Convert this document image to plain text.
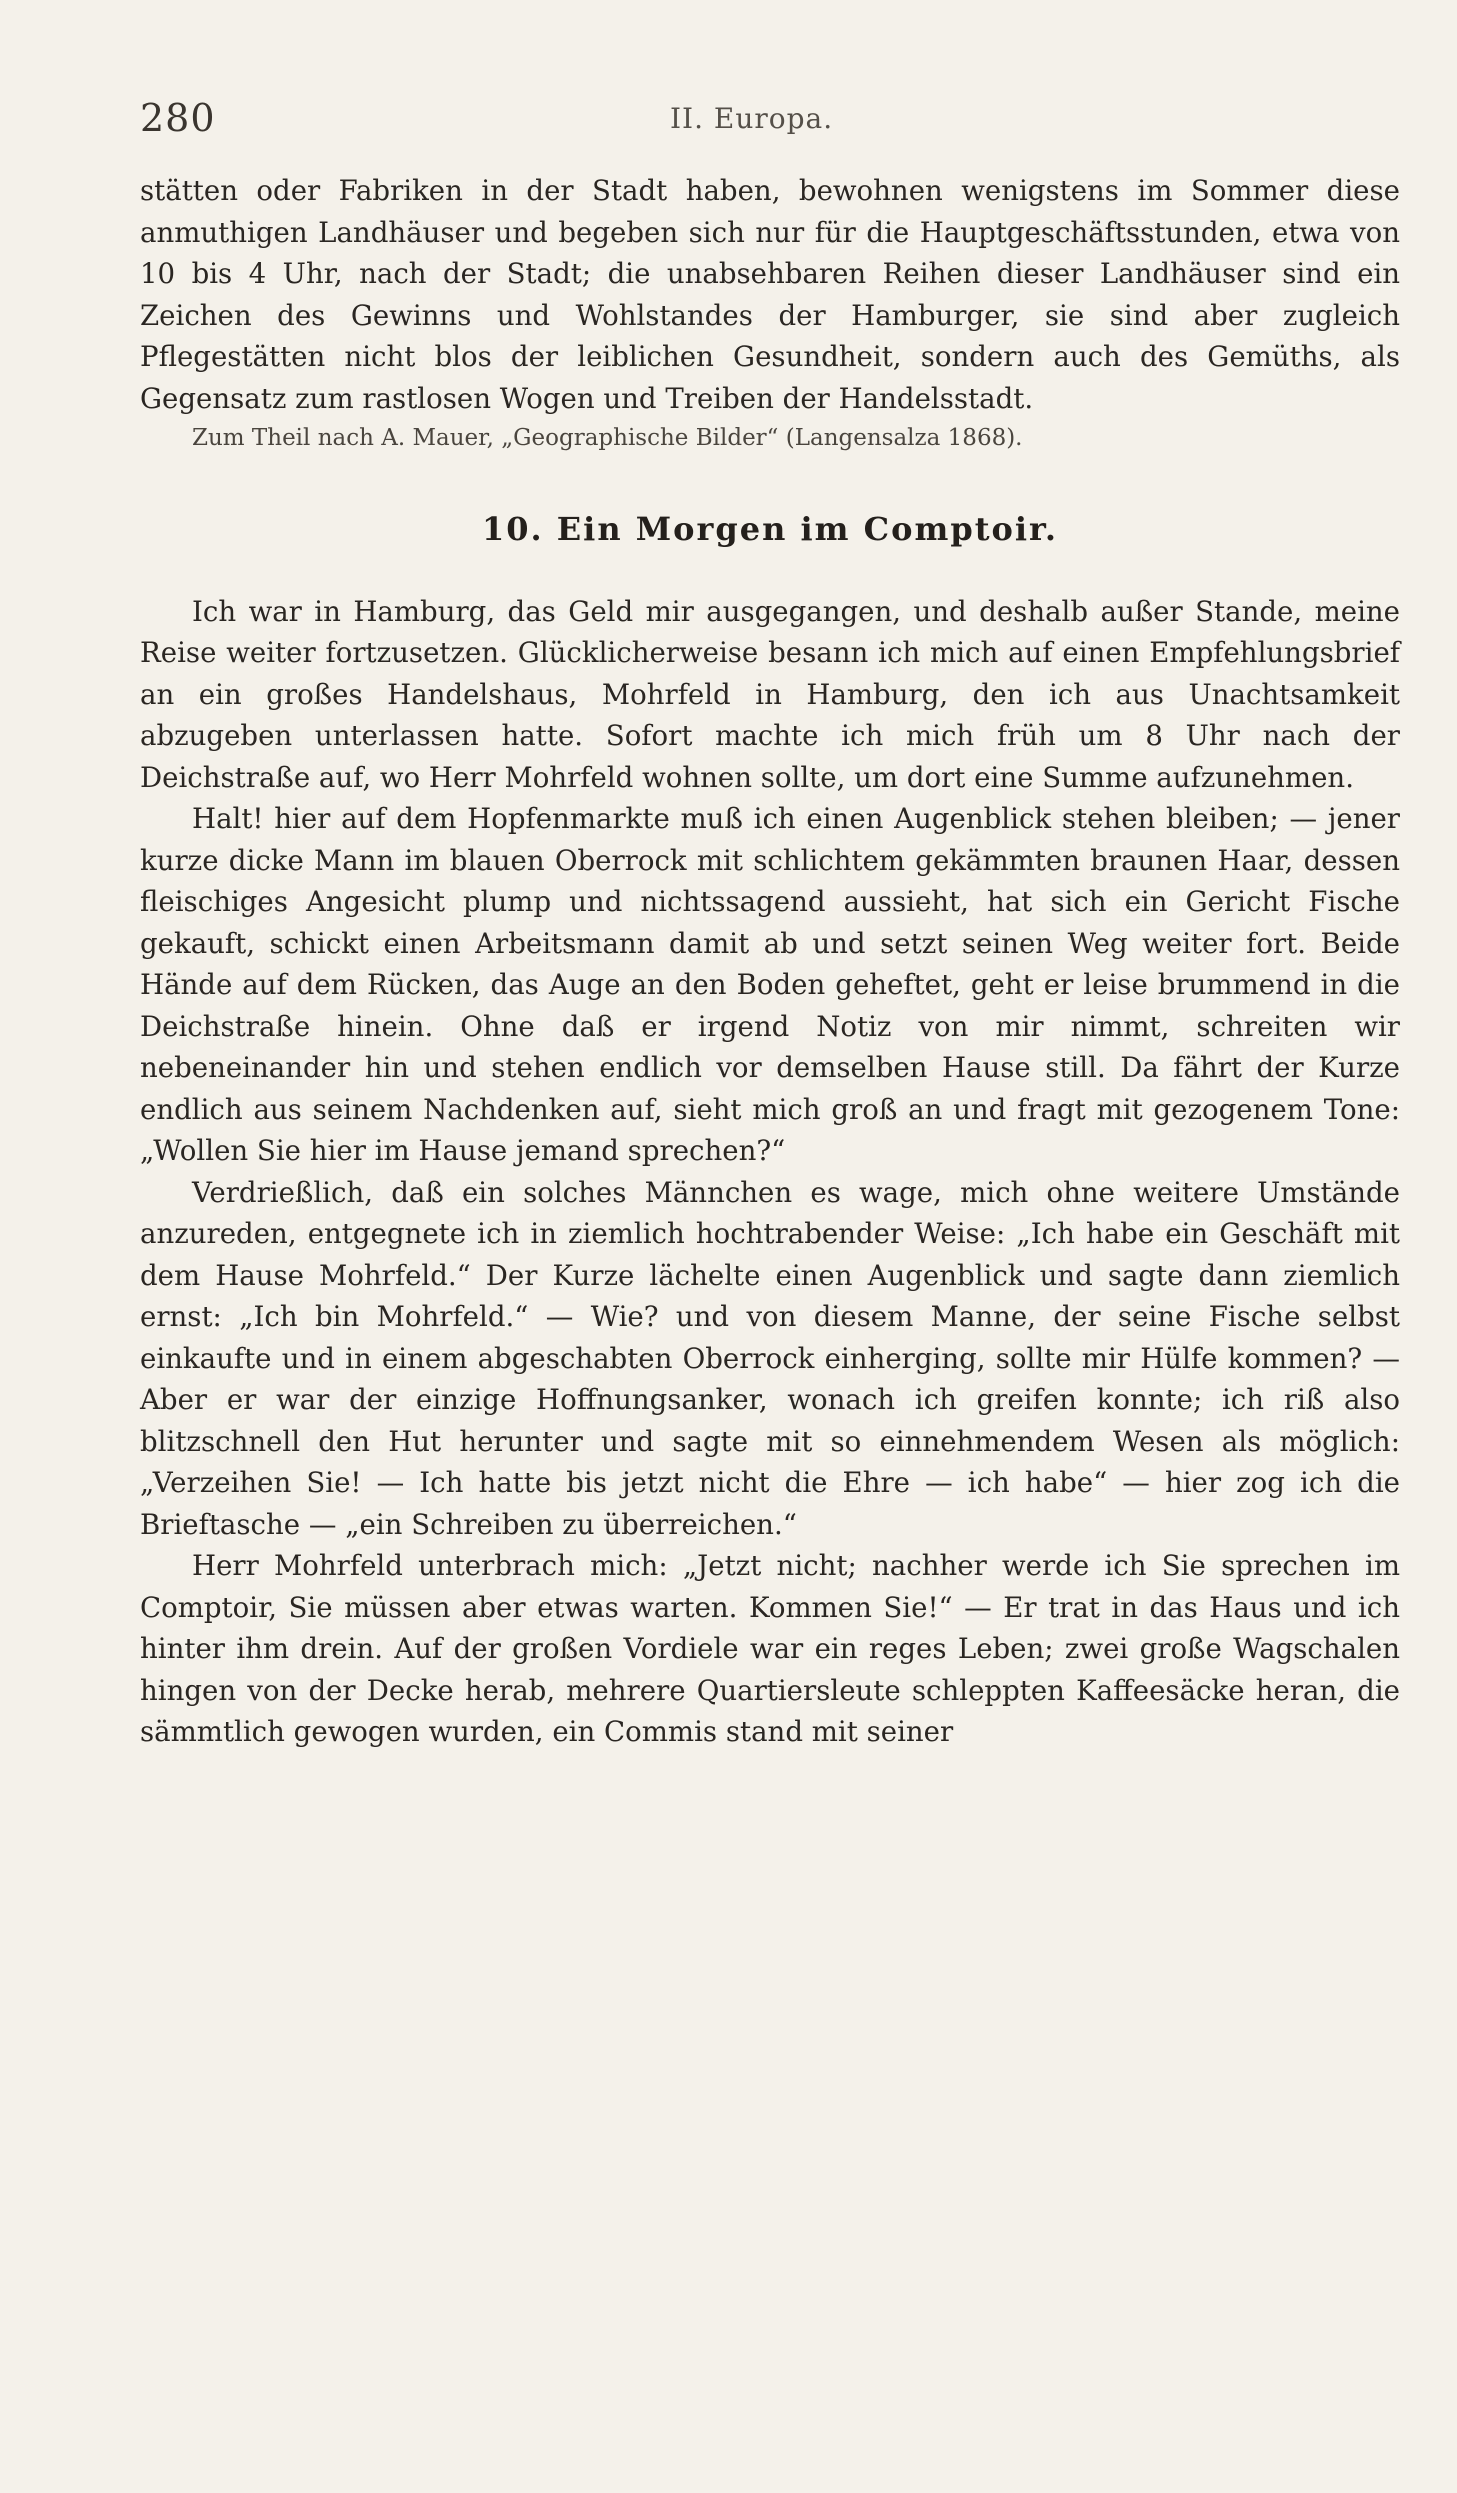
280	II. Europa.

stätten oder Fabriken in der Stadt haben, bewohnen wenigstens im Sommer diese anmuthigen Landhäuser und begeben sich nur für die Hauptgeschäftsstunden, etwa von 10 bis 4 Uhr, nach der Stadt; die unabsehbaren Reihen dieser Landhäuser sind ein Zeichen des Gewinns und Wohlstandes der Hamburger, sie sind aber zugleich Pflegestätten nicht blos der leiblichen Gesundheit, sondern auch des Gemüths, als Gegensatz zum rastlosen Wogen und Treiben der Handelsstadt.

Zum Theil nach A. Mauer, „Geographische Bilder“ (Langensalza 1868).

10. Ein Morgen im Comptoir.

Ich war in Hamburg, das Geld mir ausgegangen, und deshalb außer Stande, meine Reise weiter fortzusetzen. Glücklicherweise besann ich mich auf einen Empfehlungsbrief an ein großes Handelshaus, Mohrfeld in Hamburg, den ich aus Unachtsamkeit abzugeben unterlassen hatte. Sofort machte ich mich früh um 8 Uhr nach der Deichstraße auf, wo Herr Mohrfeld wohnen sollte, um dort eine Summe aufzunehmen.

Halt! hier auf dem Hopfenmarkte muß ich einen Augenblick stehen bleiben; — jener kurze dicke Mann im blauen Oberrock mit schlichtem gekämmten braunen Haar, dessen fleischiges Angesicht plump und nichtssagend aussieht, hat sich ein Gericht Fische gekauft, schickt einen Arbeitsmann damit ab und setzt seinen Weg weiter fort. Beide Hände auf dem Rücken, das Auge an den Boden geheftet, geht er leise brummend in die Deichstraße hinein. Ohne daß er irgend Notiz von mir nimmt, schreiten wir nebeneinander hin und stehen endlich vor demselben Hause still. Da fährt der Kurze endlich aus seinem Nachdenken auf, sieht mich groß an und fragt mit gezogenem Tone: „Wollen Sie hier im Hause jemand sprechen?“

Verdrießlich, daß ein solches Männchen es wage, mich ohne weitere Umstände anzureden, entgegnete ich in ziemlich hochtrabender Weise: „Ich habe ein Geschäft mit dem Hause Mohrfeld.“ Der Kurze lächelte einen Augenblick und sagte dann ziemlich ernst: „Ich bin Mohrfeld.“ — Wie? und von diesem Manne, der seine Fische selbst einkaufte und in einem abgeschabten Oberrock einherging, sollte mir Hülfe kommen? — Aber er war der einzige Hoffnungsanker, wonach ich greifen konnte; ich riß also blitzschnell den Hut herunter und sagte mit so einnehmendem Wesen als möglich: „Verzeihen Sie! — Ich hatte bis jetzt nicht die Ehre — ich habe“ — hier zog ich die Brieftasche — „ein Schreiben zu überreichen.“

Herr Mohrfeld unterbrach mich: „Jetzt nicht; nachher werde ich Sie sprechen im Comptoir, Sie müssen aber etwas warten. Kommen Sie!“ — Er trat in das Haus und ich hinter ihm drein. Auf der großen Vordiele war ein reges Leben; zwei große Wagschalen hingen von der Decke herab, mehrere Quartiersleute schleppten Kaffeesäcke heran, die sämmtlich gewogen wurden, ein Commis stand mit seiner
